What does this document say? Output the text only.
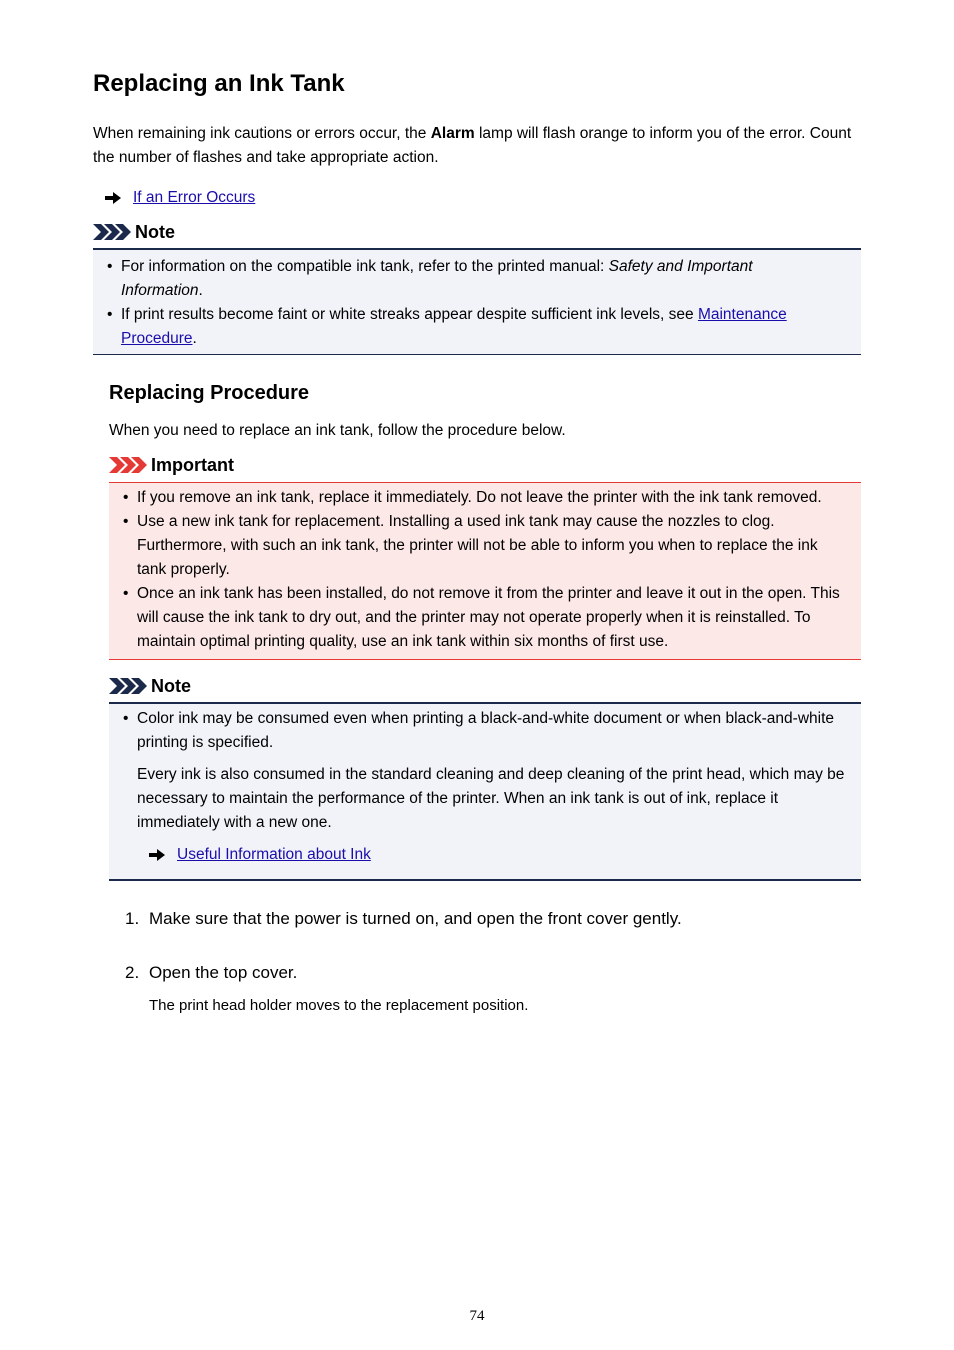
Replacing an Ink Tank

When remaining ink cautions or errors occur, the Alarm lamp will flash orange to inform you of the error. Count the number of flashes and take appropriate action.

If an Error Occurs
Note
• For information on the compatible ink tank, refer to the printed manual: Safety and Important Information.
• If print results become faint or white streaks appear despite sufficient ink levels, see Maintenance Procedure.
Replacing Procedure

When you need to replace an ink tank, follow the procedure below.

Important
• If you remove an ink tank, replace it immediately. Do not leave the printer with the ink tank removed.
• Use a new ink tank for replacement. Installing a used ink tank may cause the nozzles to clog. Furthermore, with such an ink tank, the printer will not be able to inform you when to replace the ink tank properly.
• Once an ink tank has been installed, do not remove it from the printer and leave it out in the open. This will cause the ink tank to dry out, and the printer may not operate properly when it is reinstalled. To maintain optimal printing quality, use an ink tank within six months of first use.
Note
• Color ink may be consumed even when printing a black-and-white document or when black-and-white printing is specified.

Every ink is also consumed in the standard cleaning and deep cleaning of the print head, which may be necessary to maintain the performance of the printer. When an ink tank is out of ink, replace it immediately with a new one.

Useful Information about Ink
1. Make sure that the power is turned on, and open the front cover gently.
2. Open the top cover.

The print head holder moves to the replacement position.

74
